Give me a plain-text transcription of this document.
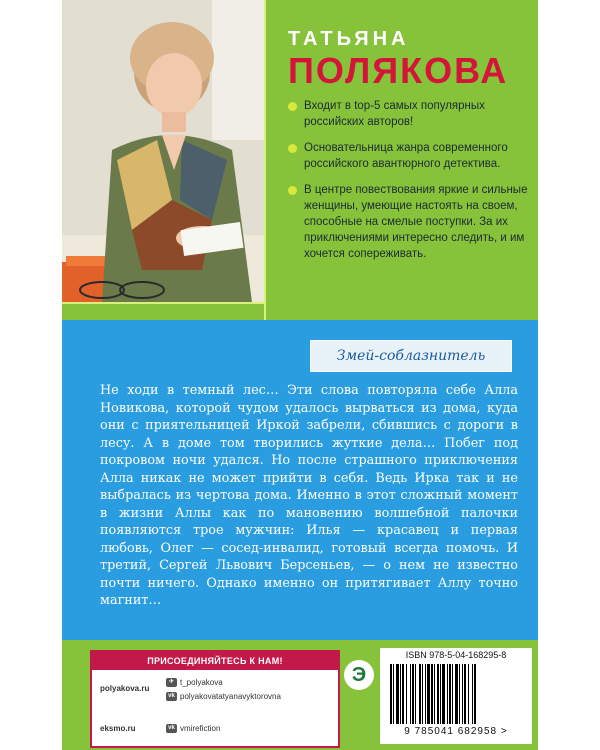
ТАТЬЯНА
ПОЛЯКОВА
Входит в top-5 самых популярных российских авторов!
Основательница жанра современного российского авантюрного детектива.
В центре повествования яркие и сильные женщины, умеющие настоять на своем, способные на смелые поступки. За их приключениями интересно следить, и им хочется сопереживать.
Змей-соблазнитель
Не ходи в темный лес… Эти слова повторяла себе Алла Новикова, которой чудом удалось вырваться из дома, куда они с приятельницей Иркой забрели, сбившись с дороги в лесу. А в доме том творились жуткие дела… Побег под покровом ночи удался. Но после страшного приключения Алла никак не может прийти в себя. Ведь Ирка так и не выбралась из чертова дома. Именно в этот сложный момент в жизни Аллы как по мановению волшебной палочки появляются трое мужчин: Илья — красавец и первая любовь, Олег — сосед-инвалид, готовый всегда помочь. И третий, Сергей Львович Берсеньев, — о нем не известно почти ничего. Однако именно он притягивает Аллу точно магнит…
ПРИСОЕДИНЯЙТЕСЬ К НАМ!
polyakova.ru
✈ t_polyakova
vk polyakovatatyanavyktorovna
eksmo.ru	vk vmirefiction
Э
ISBN 978-5-04-168295-8
9 785041 682958 >
